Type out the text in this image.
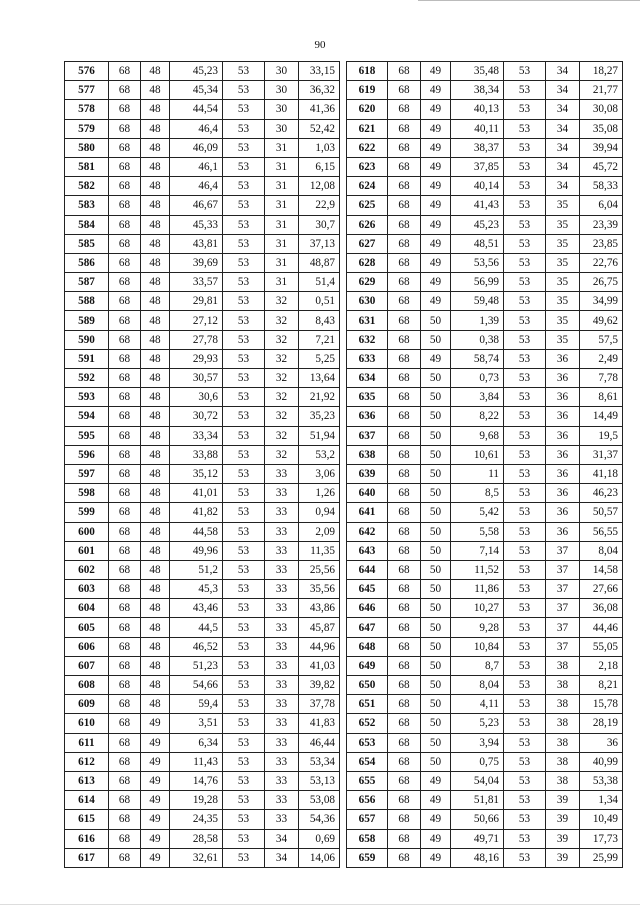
90
576	68	48	45,23	53	30	33,15
577	68	48	45,34	53	30	36,32
578	68	48	44,54	53	30	41,36
579	68	48	46,4	53	30	52,42
580	68	48	46,09	53	31	1,03
581	68	48	46,1	53	31	6,15
582	68	48	46,4	53	31	12,08
583	68	48	46,67	53	31	22,9
584	68	48	45,33	53	31	30,7
585	68	48	43,81	53	31	37,13
586	68	48	39,69	53	31	48,87
587	68	48	33,57	53	31	51,4
588	68	48	29,81	53	32	0,51
589	68	48	27,12	53	32	8,43
590	68	48	27,78	53	32	7,21
591	68	48	29,93	53	32	5,25
592	68	48	30,57	53	32	13,64
593	68	48	30,6	53	32	21,92
594	68	48	30,72	53	32	35,23
595	68	48	33,34	53	32	51,94
596	68	48	33,88	53	32	53,2
597	68	48	35,12	53	33	3,06
598	68	48	41,01	53	33	1,26
599	68	48	41,82	53	33	0,94
600	68	48	44,58	53	33	2,09
601	68	48	49,96	53	33	11,35
602	68	48	51,2	53	33	25,56
603	68	48	45,3	53	33	35,56
604	68	48	43,46	53	33	43,86
605	68	48	44,5	53	33	45,87
606	68	48	46,52	53	33	44,96
607	68	48	51,23	53	33	41,03
608	68	48	54,66	53	33	39,82
609	68	48	59,4	53	33	37,78
610	68	49	3,51	53	33	41,83
611	68	49	6,34	53	33	46,44
612	68	49	11,43	53	33	53,34
613	68	49	14,76	53	33	53,13
614	68	49	19,28	53	33	53,08
615	68	49	24,35	53	33	54,36
616	68	49	28,58	53	34	0,69
617	68	49	32,61	53	34	14,06
618	68	49	35,48	53	34	18,27
619	68	49	38,34	53	34	21,77
620	68	49	40,13	53	34	30,08
621	68	49	40,11	53	34	35,08
622	68	49	38,37	53	34	39,94
623	68	49	37,85	53	34	45,72
624	68	49	40,14	53	34	58,33
625	68	49	41,43	53	35	6,04
626	68	49	45,23	53	35	23,39
627	68	49	48,51	53	35	23,85
628	68	49	53,56	53	35	22,76
629	68	49	56,99	53	35	26,75
630	68	49	59,48	53	35	34,99
631	68	50	1,39	53	35	49,62
632	68	50	0,38	53	35	57,5
633	68	49	58,74	53	36	2,49
634	68	50	0,73	53	36	7,78
635	68	50	3,84	53	36	8,61
636	68	50	8,22	53	36	14,49
637	68	50	9,68	53	36	19,5
638	68	50	10,61	53	36	31,37
639	68	50	11	53	36	41,18
640	68	50	8,5	53	36	46,23
641	68	50	5,42	53	36	50,57
642	68	50	5,58	53	36	56,55
643	68	50	7,14	53	37	8,04
644	68	50	11,52	53	37	14,58
645	68	50	11,86	53	37	27,66
646	68	50	10,27	53	37	36,08
647	68	50	9,28	53	37	44,46
648	68	50	10,84	53	37	55,05
649	68	50	8,7	53	38	2,18
650	68	50	8,04	53	38	8,21
651	68	50	4,11	53	38	15,78
652	68	50	5,23	53	38	28,19
653	68	50	3,94	53	38	36
654	68	50	0,75	53	38	40,99
655	68	49	54,04	53	38	53,38
656	68	49	51,81	53	39	1,34
657	68	49	50,66	53	39	10,49
658	68	49	49,71	53	39	17,73
659	68	49	48,16	53	39	25,99
